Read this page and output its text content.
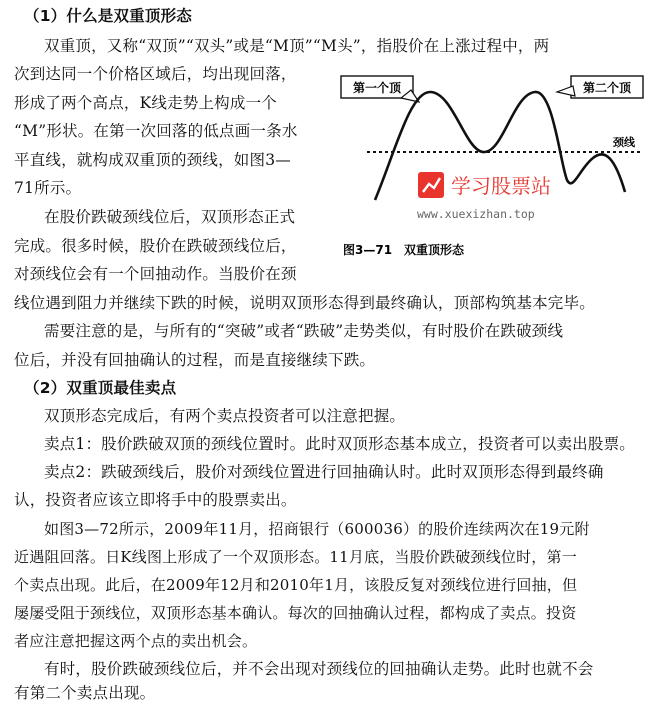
（1）什么是双重顶形态

双重顶，又称“双顶”“双头”或是“M顶”“M头”，指股价在上涨过程中，两

次到达同一个价格区域后，均出现回落，

形成了两个高点，K线走势上构成一个

“M”形状。在第一次回落的低点画一条水

平直线，就构成双重顶的颈线，如图3—

71所示。

在股价跌破颈线位后，双顶形态正式

完成。很多时候，股价在跌破颈线位后，

对颈线位会有一个回抽动作。当股价在颈

线位遇到阻力并继续下跌的时候，说明双顶形态得到最终确认，顶部构筑基本完毕。

需要注意的是，与所有的“突破”或者“跌破”走势类似，有时股价在跌破颈线

位后，并没有回抽确认的过程，而是直接继续下跌。

（2）双重顶最佳卖点

双顶形态完成后，有两个卖点投资者可以注意把握。

卖点1：股价跌破双顶的颈线位置时。此时双顶形态基本成立，投资者可以卖出股票。

卖点2：跌破颈线后，股价对颈线位置进行回抽确认时。此时双顶形态得到最终确

认，投资者应该立即将手中的股票卖出。

如图3—72所示，2009年11月，招商银行（600036）的股价连续两次在19元附

近遇阻回落。日K线图上形成了一个双顶形态。11月底，当股价跌破颈线位时，第一

个卖点出现。此后，在2009年12月和2010年1月，该股反复对颈线位进行回抽，但

屡屡受阻于颈线位，双顶形态基本确认。每次的回抽确认过程，都构成了卖点。投资

者应注意把握这两个点的卖出机会。

有时，股价跌破颈线位后，并不会出现对颈线位的回抽确认走势。此时也就不会

有第二个卖点出现。

第一个顶	第二个顶
颈线
学习股票站
www.xuexizhan.top
图3—71　双重顶形态
